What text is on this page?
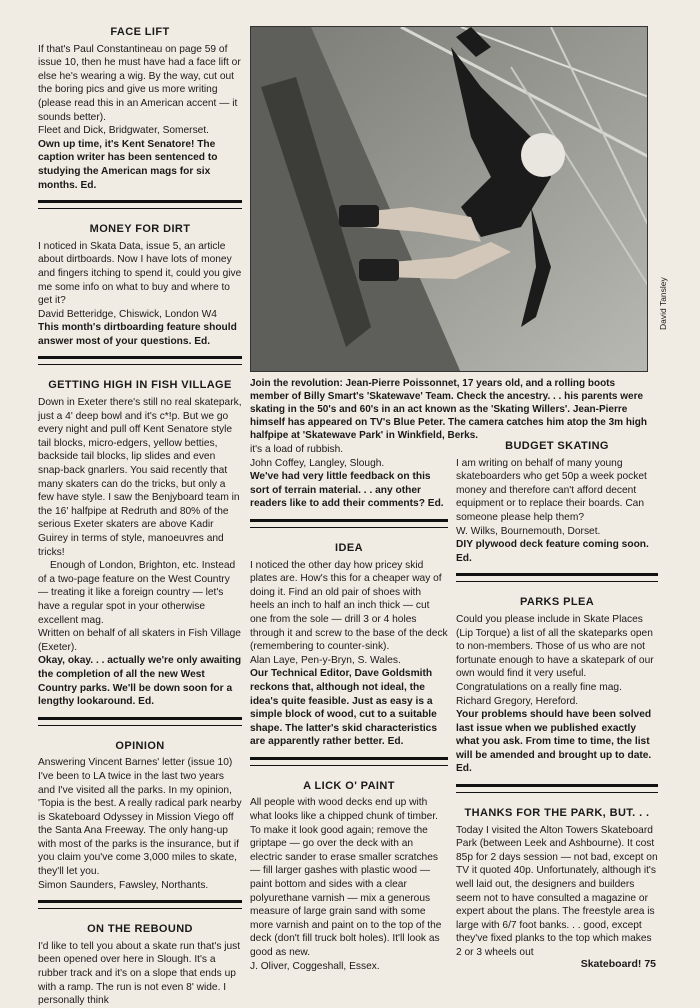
FACE LIFT

If that's Paul Constantineau on page 59 of issue 10, then he must have had a face lift or else he's wearing a wig. By the way, cut out the boring pics and give us more writing (please read this in an American accent — it sounds better).

Fleet and Dick, Bridgwater, Somerset.

Own up time, it's Kent Senatore! The caption writer has been sentenced to studying the American mags for six months. Ed.

MONEY FOR DIRT

I noticed in Skata Data, issue 5, an article about dirtboards. Now I have lots of money and fingers itching to spend it, could you give me some info on what to buy and where to get it?

David Betteridge, Chiswick, London W4

This month's dirtboarding feature should answer most of your questions. Ed.

GETTING HIGH IN FISH VILLAGE

Down in Exeter there's still no real skatepark, just a 4' deep bowl and it's c*!p. But we go every night and pull off Kent Senatore style tail blocks, micro-edgers, yellow betties, backside tail blocks, lip slides and even snap-back gnarlers. You said recently that many skaters can do the tricks, but only a few have style. I saw the Benjyboard team in the 16' halfpipe at Redruth and 80% of the serious Exeter skaters are above Kadir Guirey in terms of style, manoeuvres and tricks!

Enough of London, Brighton, etc. Instead of a two-page feature on the West Country — treating it like a foreign country — let's have a regular spot in your otherwise excellent mag.

Written on behalf of all skaters in Fish Village (Exeter).

Okay, okay. . . actually we're only awaiting the completion of all the new West Country parks. We'll be down soon for a lengthy lookaround. Ed.

OPINION

Answering Vincent Barnes' letter (issue 10) I've been to LA twice in the last two years and I've visited all the parks. In my opinion, 'Topia is the best. A really radical park nearby is Skateboard Odyssey in Mission Viego off the Santa Ana Freeway. The only hang-up with most of the parks is the insurance, but if you claim you've come 3,000 miles to skate, they'll let you.

Simon Saunders, Fawsley, Northants.

ON THE REBOUND

I'd like to tell you about a skate run that's just been opened over here in Slough. It's a rubber track and it's on a slope that ends up with a ramp. The run is not even 8' wide. I personally think

David Tansley
Join the revolution: Jean-Pierre Poissonnet, 17 years old, and a rolling boots member of Billy Smart's 'Skatewave' Team. Check the ancestry. . . his parents were skating in the 50's and 60's in an act known as the 'Skating Willers'. Jean-Pierre himself has appeared on TV's Blue Peter. The camera catches him atop the 3m high halfpipe at 'Skatewave Park' in Winkfield, Berks.

it's a load of rubbish.

John Coffey, Langley, Slough.

We've had very little feedback on this sort of terrain material. . . any other readers like to add their comments? Ed.

IDEA

I noticed the other day how pricey skid plates are. How's this for a cheaper way of doing it. Find an old pair of shoes with heels an inch to half an inch thick — cut one from the sole — drill 3 or 4 holes through it and screw to the base of the deck (remembering to counter-sink).

Alan Laye, Pen-y-Bryn, S. Wales.

Our Technical Editor, Dave Goldsmith reckons that, although not ideal, the idea's quite feasible. Just as easy is a simple block of wood, cut to a suitable shape. The latter's skid characteristics are apparently rather better. Ed.

A LICK O' PAINT

All people with wood decks end up with what looks like a chipped chunk of timber. To make it look good again; remove the griptape — go over the deck with an electric sander to erase smaller scratches — fill larger gashes with plastic wood — paint bottom and sides with a clear polyurethane varnish — mix a generous measure of large grain sand with some more varnish and paint on to the top of the deck (don't fill truck bolt holes). It'll look as good as new.

J. Oliver, Coggeshall, Essex.

BUDGET SKATING

I am writing on behalf of many young skateboarders who get 50p a week pocket money and therefore can't afford decent equipment or to replace their boards. Can someone please help them?

W. Wilks, Bournemouth, Dorset.

DIY plywood deck feature coming soon. Ed.

PARKS PLEA

Could you please include in Skate Places (Lip Torque) a list of all the skateparks open to non-members. Those of us who are not fortunate enough to have a skatepark of our own would find it very useful. Congratulations on a really fine mag.

Richard Gregory, Hereford.

Your problems should have been solved last issue when we published exactly what you ask. From time to time, the list will be amended and brought up to date. Ed.

THANKS FOR THE PARK, BUT. . .

Today I visited the Alton Towers Skateboard Park (between Leek and Ashbourne). It cost 85p for 2 days session — not bad, except on TV it quoted 40p. Unfortunately, although it's well laid out, the designers and builders seem not to have consulted a magazine or expert about the plans. The freestyle area is large with 6/7 foot banks. . . good, except they've fixed planks to the top which makes 2 or 3 wheels out

Skateboard! 75
